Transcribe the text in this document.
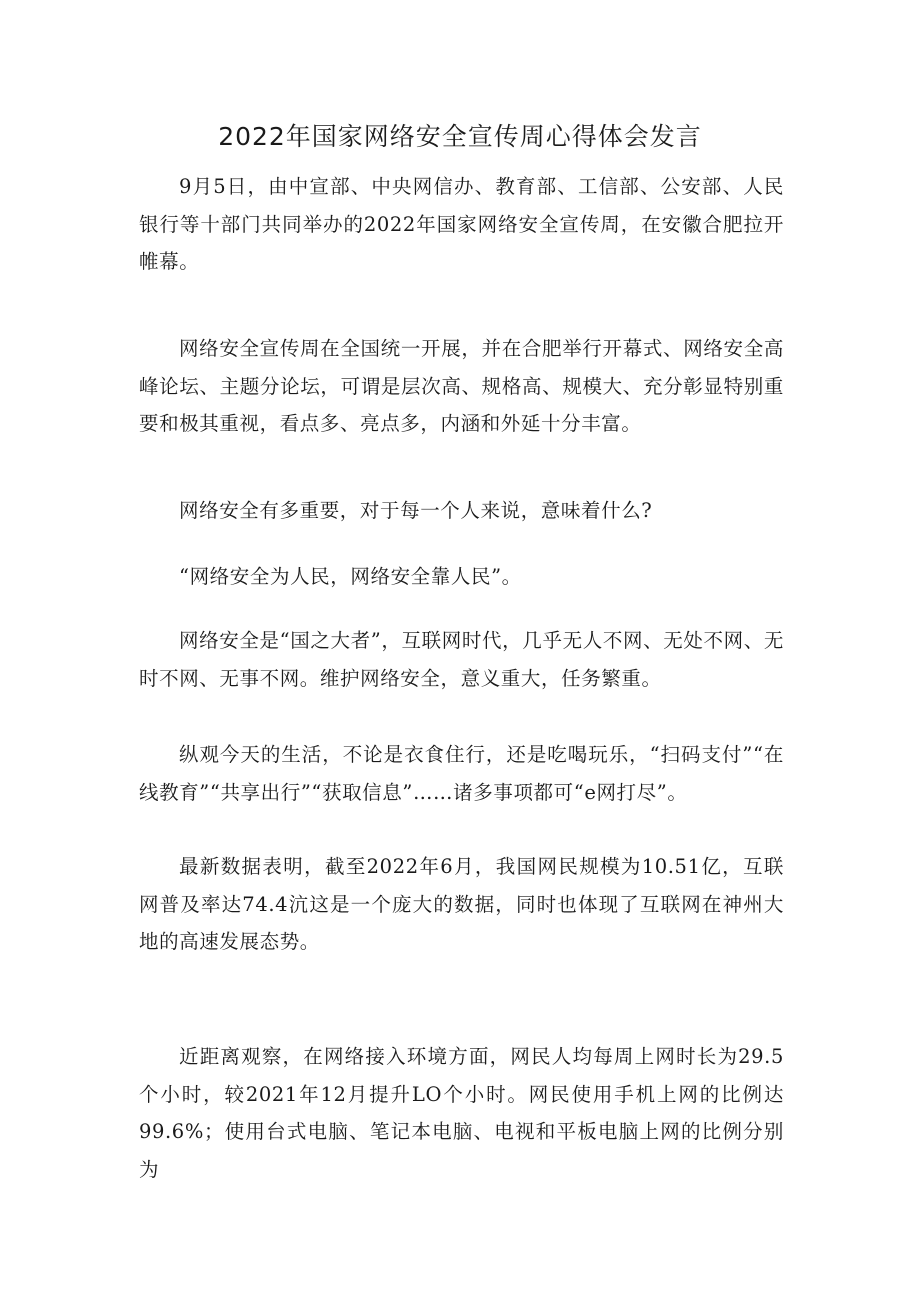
2022年国家网络安全宣传周心得体会发言

9月5日，由中宣部、中央网信办、教育部、工信部、公安部、人民银行等十部门共同举办的2022年国家网络安全宣传周，在安徽合肥拉开帷幕。

网络安全宣传周在全国统一开展，并在合肥举行开幕式、网络安全高峰论坛、主题分论坛，可谓是层次高、规格高、规模大、充分彰显特别重要和极其重视，看点多、亮点多，内涵和外延十分丰富。

网络安全有多重要，对于每一个人来说，意味着什么?

“网络安全为人民，网络安全靠人民”。

网络安全是“国之大者”，互联网时代，几乎无人不网、无处不网、无时不网、无事不网。维护网络安全，意义重大，任务繁重。

纵观今天的生活，不论是衣食住行，还是吃喝玩乐，“扫码支付”“在线教育”“共享出行”“获取信息”……诸多事项都可“e网打尽”。

最新数据表明，截至2022年6月，我国网民规模为10.51亿，互联网普及率达74.4沆这是一个庞大的数据，同时也体现了互联网在神州大地的高速发展态势。

近距离观察，在网络接入环境方面，网民人均每周上网时长为29.5个小时，较2021年12月提升LO个小时。网民使用手机上网的比例达99.6%；使用台式电脑、笔记本电脑、电视和平板电脑上网的比例分别为
